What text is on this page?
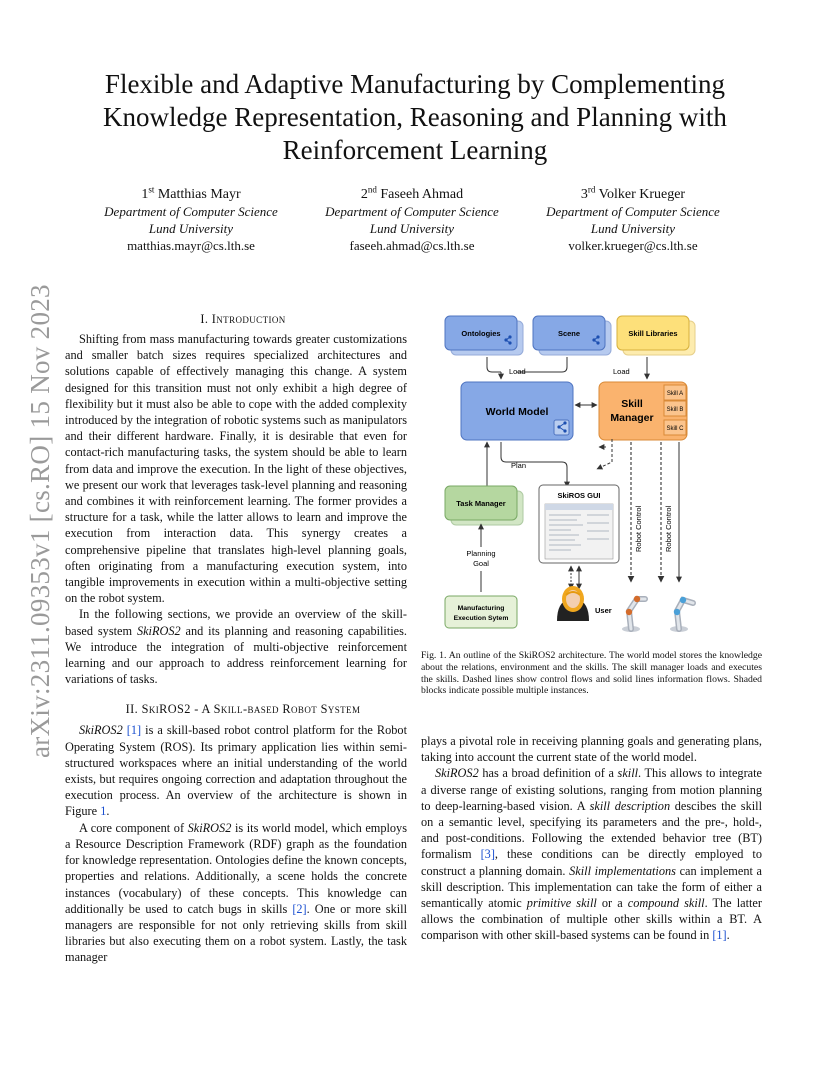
arXiv:2311.09353v1 [cs.RO] 15 Nov 2023
Flexible and Adaptive Manufacturing by Complementing
Knowledge Representation, Reasoning and Planning with
Reinforcement Learning
1st Matthias Mayr
Department of Computer Science
Lund University
matthias.mayr@cs.lth.se
2nd Faseeh Ahmad
Department of Computer Science
Lund University
faseeh.ahmad@cs.lth.se
3rd Volker Krueger
Department of Computer Science
Lund University
volker.krueger@cs.lth.se

I. Introduction

Shifting from mass manufacturing towards greater customizations and smaller batch sizes requires specialized architectures and solutions capable of effectively managing this change. A system designed for this transition must not only exhibit a high degree of flexibility but it must also be able to cope with the added complexity introduced by the integration of robotic systems such as manipulators and their different hardware. Finally, it is desirable that even for contact-rich manufacturing tasks, the system should be able to learn from data and improve the execution. In the light of these objectives, we present our work that leverages task-level planning and reasoning and combines it with reinforcement learning. The former provides a structure for a task, while the latter allows to learn and improve the execution from interaction data. This synergy creates a comprehensive pipeline that translates high-level planning goals, often originating from a manufacturing execution system, into tangible improvements in execution within a multi-objective setting on the robot system.

In the following sections, we provide an overview of the skill-based system SkiROS2 and its planning and reasoning capabilities. We introduce the integration of multi-objective reinforcement learning and our approach to address reinforcement learning for variations of tasks.

II. SkiROS2 - A Skill-based Robot System

SkiROS2 [1] is a skill-based robot control platform for the Robot Operating System (ROS). Its primary application lies within semi-structured workspaces where an initial understanding of the world exists, but requires ongoing correction and adaptation throughout the execution process. An overview of the architecture is shown in Figure 1.

A core component of SkiROS2 is its world model, which employs a Resource Description Framework (RDF) graph as the foundation for knowledge representation. Ontologies define the known concepts, properties and relations. Additionally, a scene holds the concrete instances (vocabulary) of these concepts. This knowledge can additionally be used to catch bugs in skills [2]. One or more skill managers are responsible for not only retrieving skills from skill libraries but also executing them on a robot system. Lastly, the task manager

Ontologies	Scene	Skill Libraries
Load	Load
World Model
Skill
Manager
Skill A
Skill B
Skill C
Plan
Task Manager
SkiROS GUI
Robot Control	Robot Control
Planning
Goal
Manufacturing
Execution Sytem
User
Fig. 1. An outline of the SkiROS2 architecture. The world model stores the knowledge about the relations, environment and the skills. The skill manager loads and executes the skills. Dashed lines show control flows and solid lines information flows. Shaded blocks indicate possible multiple instances.

plays a pivotal role in receiving planning goals and generating plans, taking into account the current state of the world model.

SkiROS2 has a broad definition of a skill. This allows to integrate a diverse range of existing solutions, ranging from motion planning to deep-learning-based vision. A skill description descibes the skill on a semantic level, specifying its parameters and the pre-, hold-, and post-conditions. Following the extended behavior tree (BT) formalism [3], these conditions can be directly employed to construct a planning domain. Skill implementations can implement a skill description. This implementation can take the form of either a semantically atomic primitive skill or a compound skill. The latter allows the combination of multiple other skills within a BT. A comparison with other skill-based systems can be found in [1].
